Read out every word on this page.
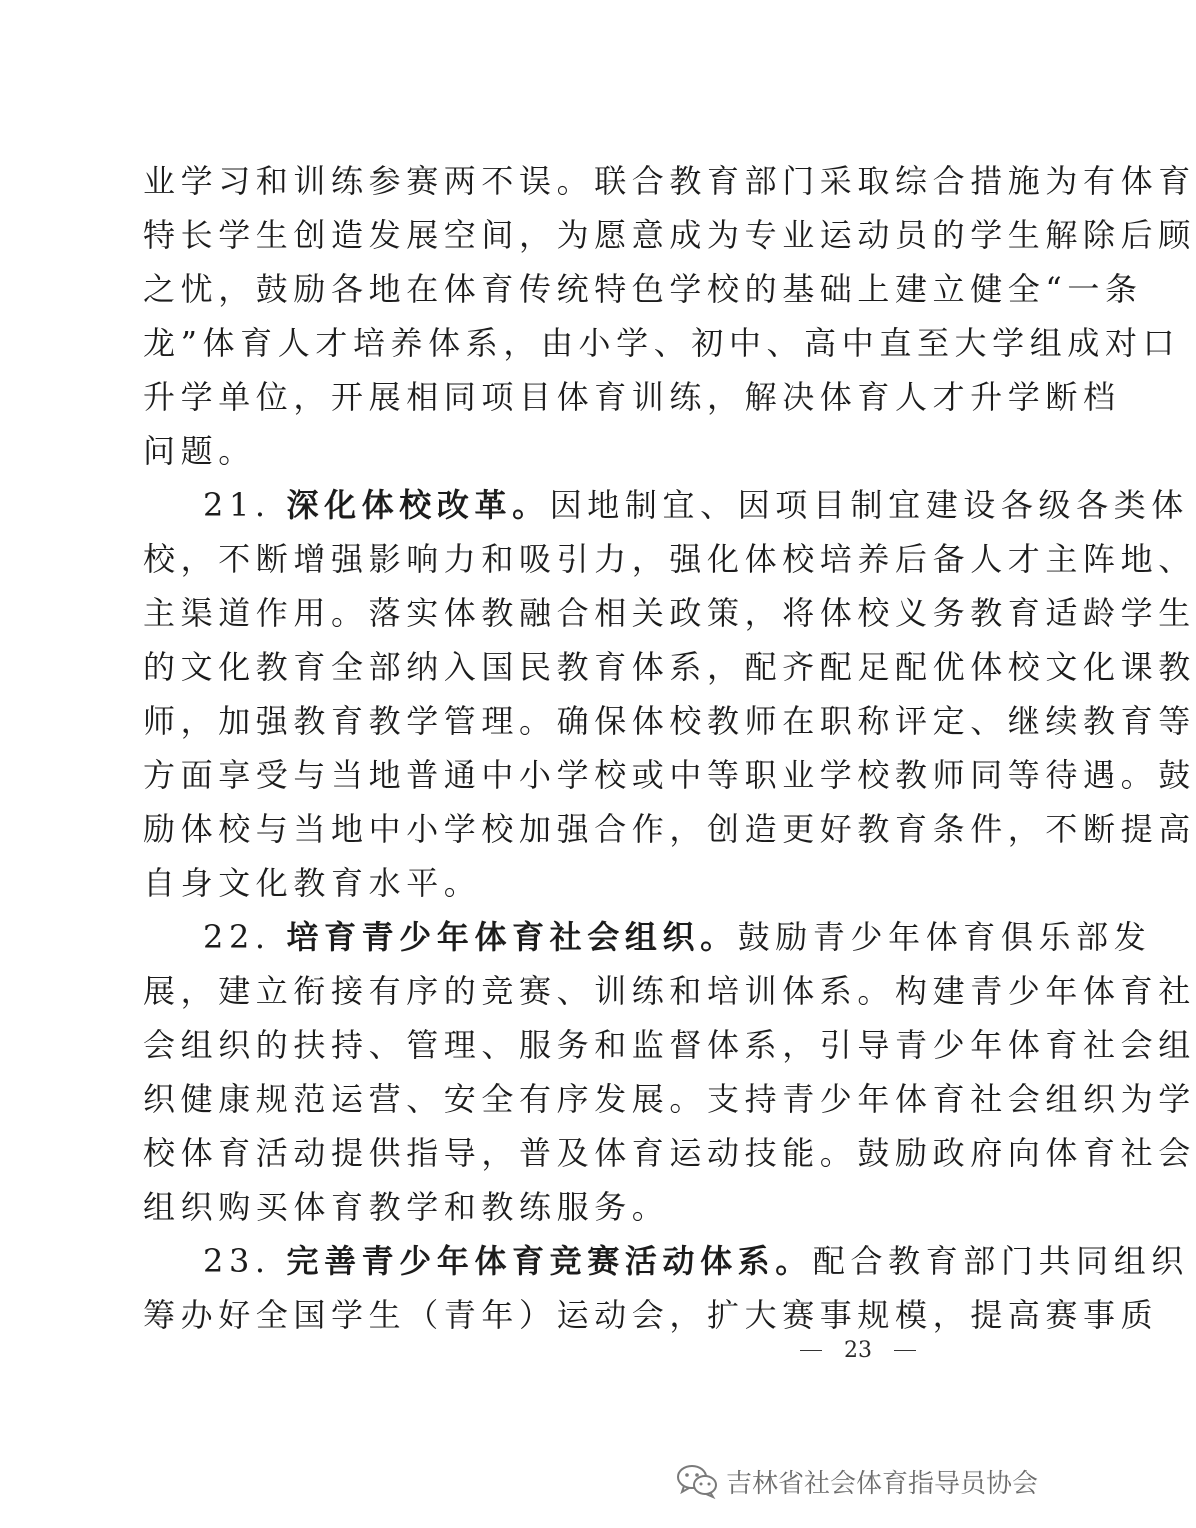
业学习和训练参赛两不误。联合教育部门采取综合措施为有体育
特长学生创造发展空间，为愿意成为专业运动员的学生解除后顾
之忧，鼓励各地在体育传统特色学校的基础上建立健全“一条
龙”体育人才培养体系，由小学、初中、高中直至大学组成对口
升学单位，开展相同项目体育训练，解决体育人才升学断档
问题。
21. 深化体校改革。因地制宜、因项目制宜建设各级各类体
校，不断增强影响力和吸引力，强化体校培养后备人才主阵地、
主渠道作用。落实体教融合相关政策，将体校义务教育适龄学生
的文化教育全部纳入国民教育体系，配齐配足配优体校文化课教
师，加强教育教学管理。确保体校教师在职称评定、继续教育等
方面享受与当地普通中小学校或中等职业学校教师同等待遇。鼓
励体校与当地中小学校加强合作，创造更好教育条件，不断提高
自身文化教育水平。
22. 培育青少年体育社会组织。鼓励青少年体育俱乐部发
展，建立衔接有序的竞赛、训练和培训体系。构建青少年体育社
会组织的扶持、管理、服务和监督体系，引导青少年体育社会组
织健康规范运营、安全有序发展。支持青少年体育社会组织为学
校体育活动提供指导，普及体育运动技能。鼓励政府向体育社会
组织购买体育教学和教练服务。
23. 完善青少年体育竞赛活动体系。配合教育部门共同组织
筹办好全国学生（青年）运动会，扩大赛事规模，提高赛事质
23
吉林省社会体育指导员协会
